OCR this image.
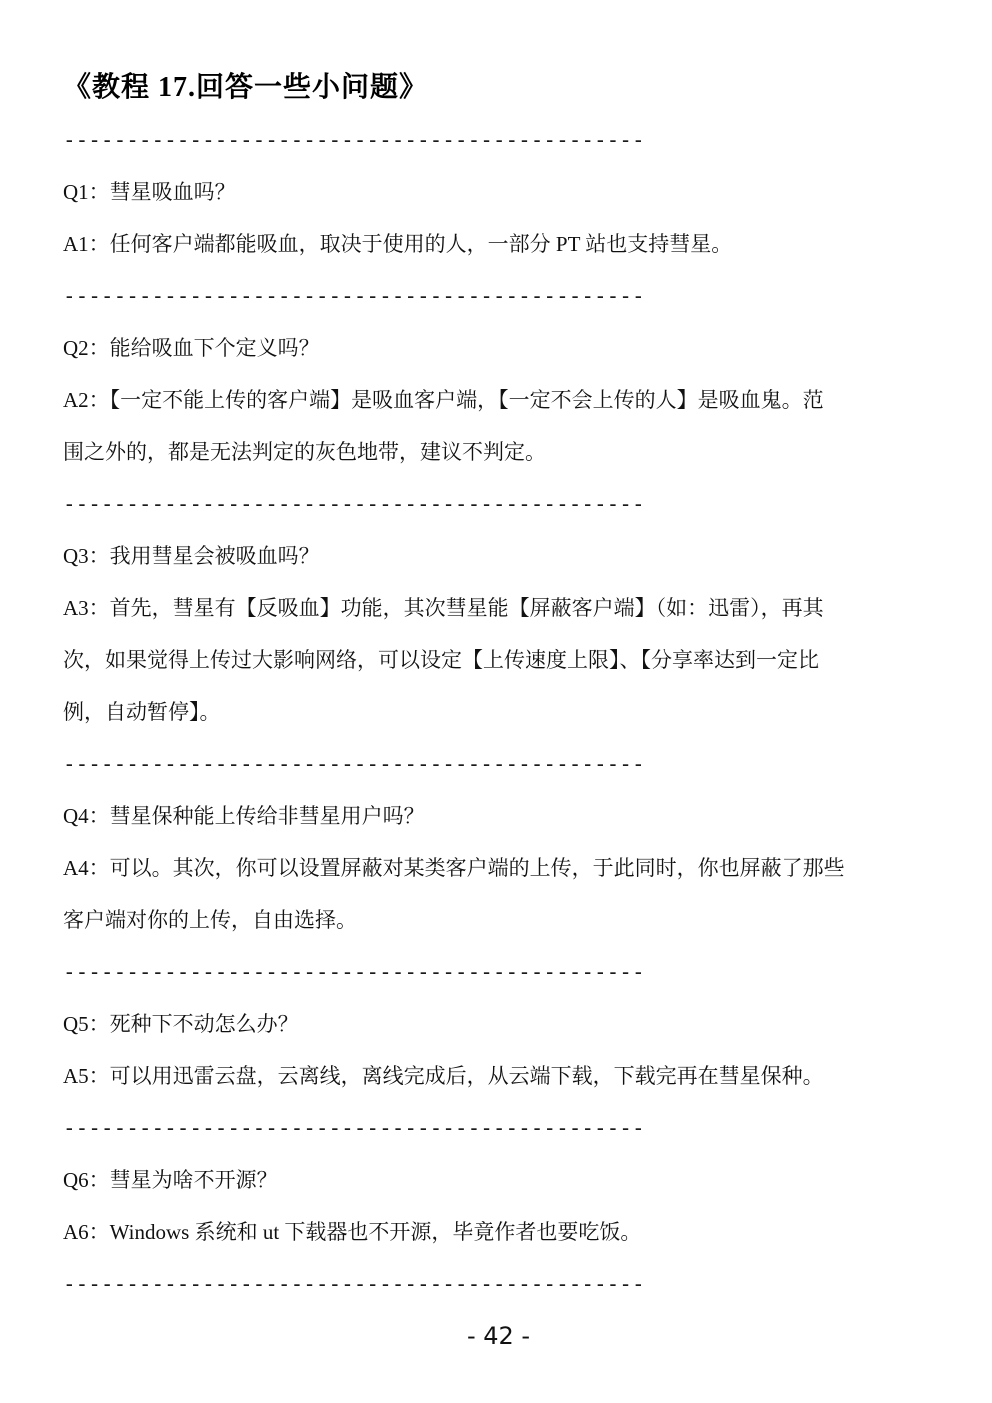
《教程 17.回答一些小问题》
----------------------------------------------
Q1：彗星吸血吗？
A1：任何客户端都能吸血，取决于使用的人，一部分 PT 站也支持彗星。
----------------------------------------------
Q2：能给吸血下个定义吗？
A2：【一定不能上传的客户端】是吸血客户端，【一定不会上传的人】是吸血鬼。范
围之外的，都是无法判定的灰色地带，建议不判定。
----------------------------------------------
Q3：我用彗星会被吸血吗？
A3：首先，彗星有【反吸血】功能，其次彗星能【屏蔽客户端】（如：迅雷），再其
次，如果觉得上传过大影响网络，可以设定【上传速度上限】、【分享率达到一定比
例，自动暂停】。
----------------------------------------------
Q4：彗星保种能上传给非彗星用户吗？
A4：可以。其次，你可以设置屏蔽对某类客户端的上传，于此同时，你也屏蔽了那些
客户端对你的上传，自由选择。
----------------------------------------------
Q5：死种下不动怎么办？
A5：可以用迅雷云盘，云离线，离线完成后，从云端下载，下载完再在彗星保种。
----------------------------------------------
Q6：彗星为啥不开源？
A6：Windows 系统和 ut 下载器也不开源，毕竟作者也要吃饭。
----------------------------------------------
- 42 -
